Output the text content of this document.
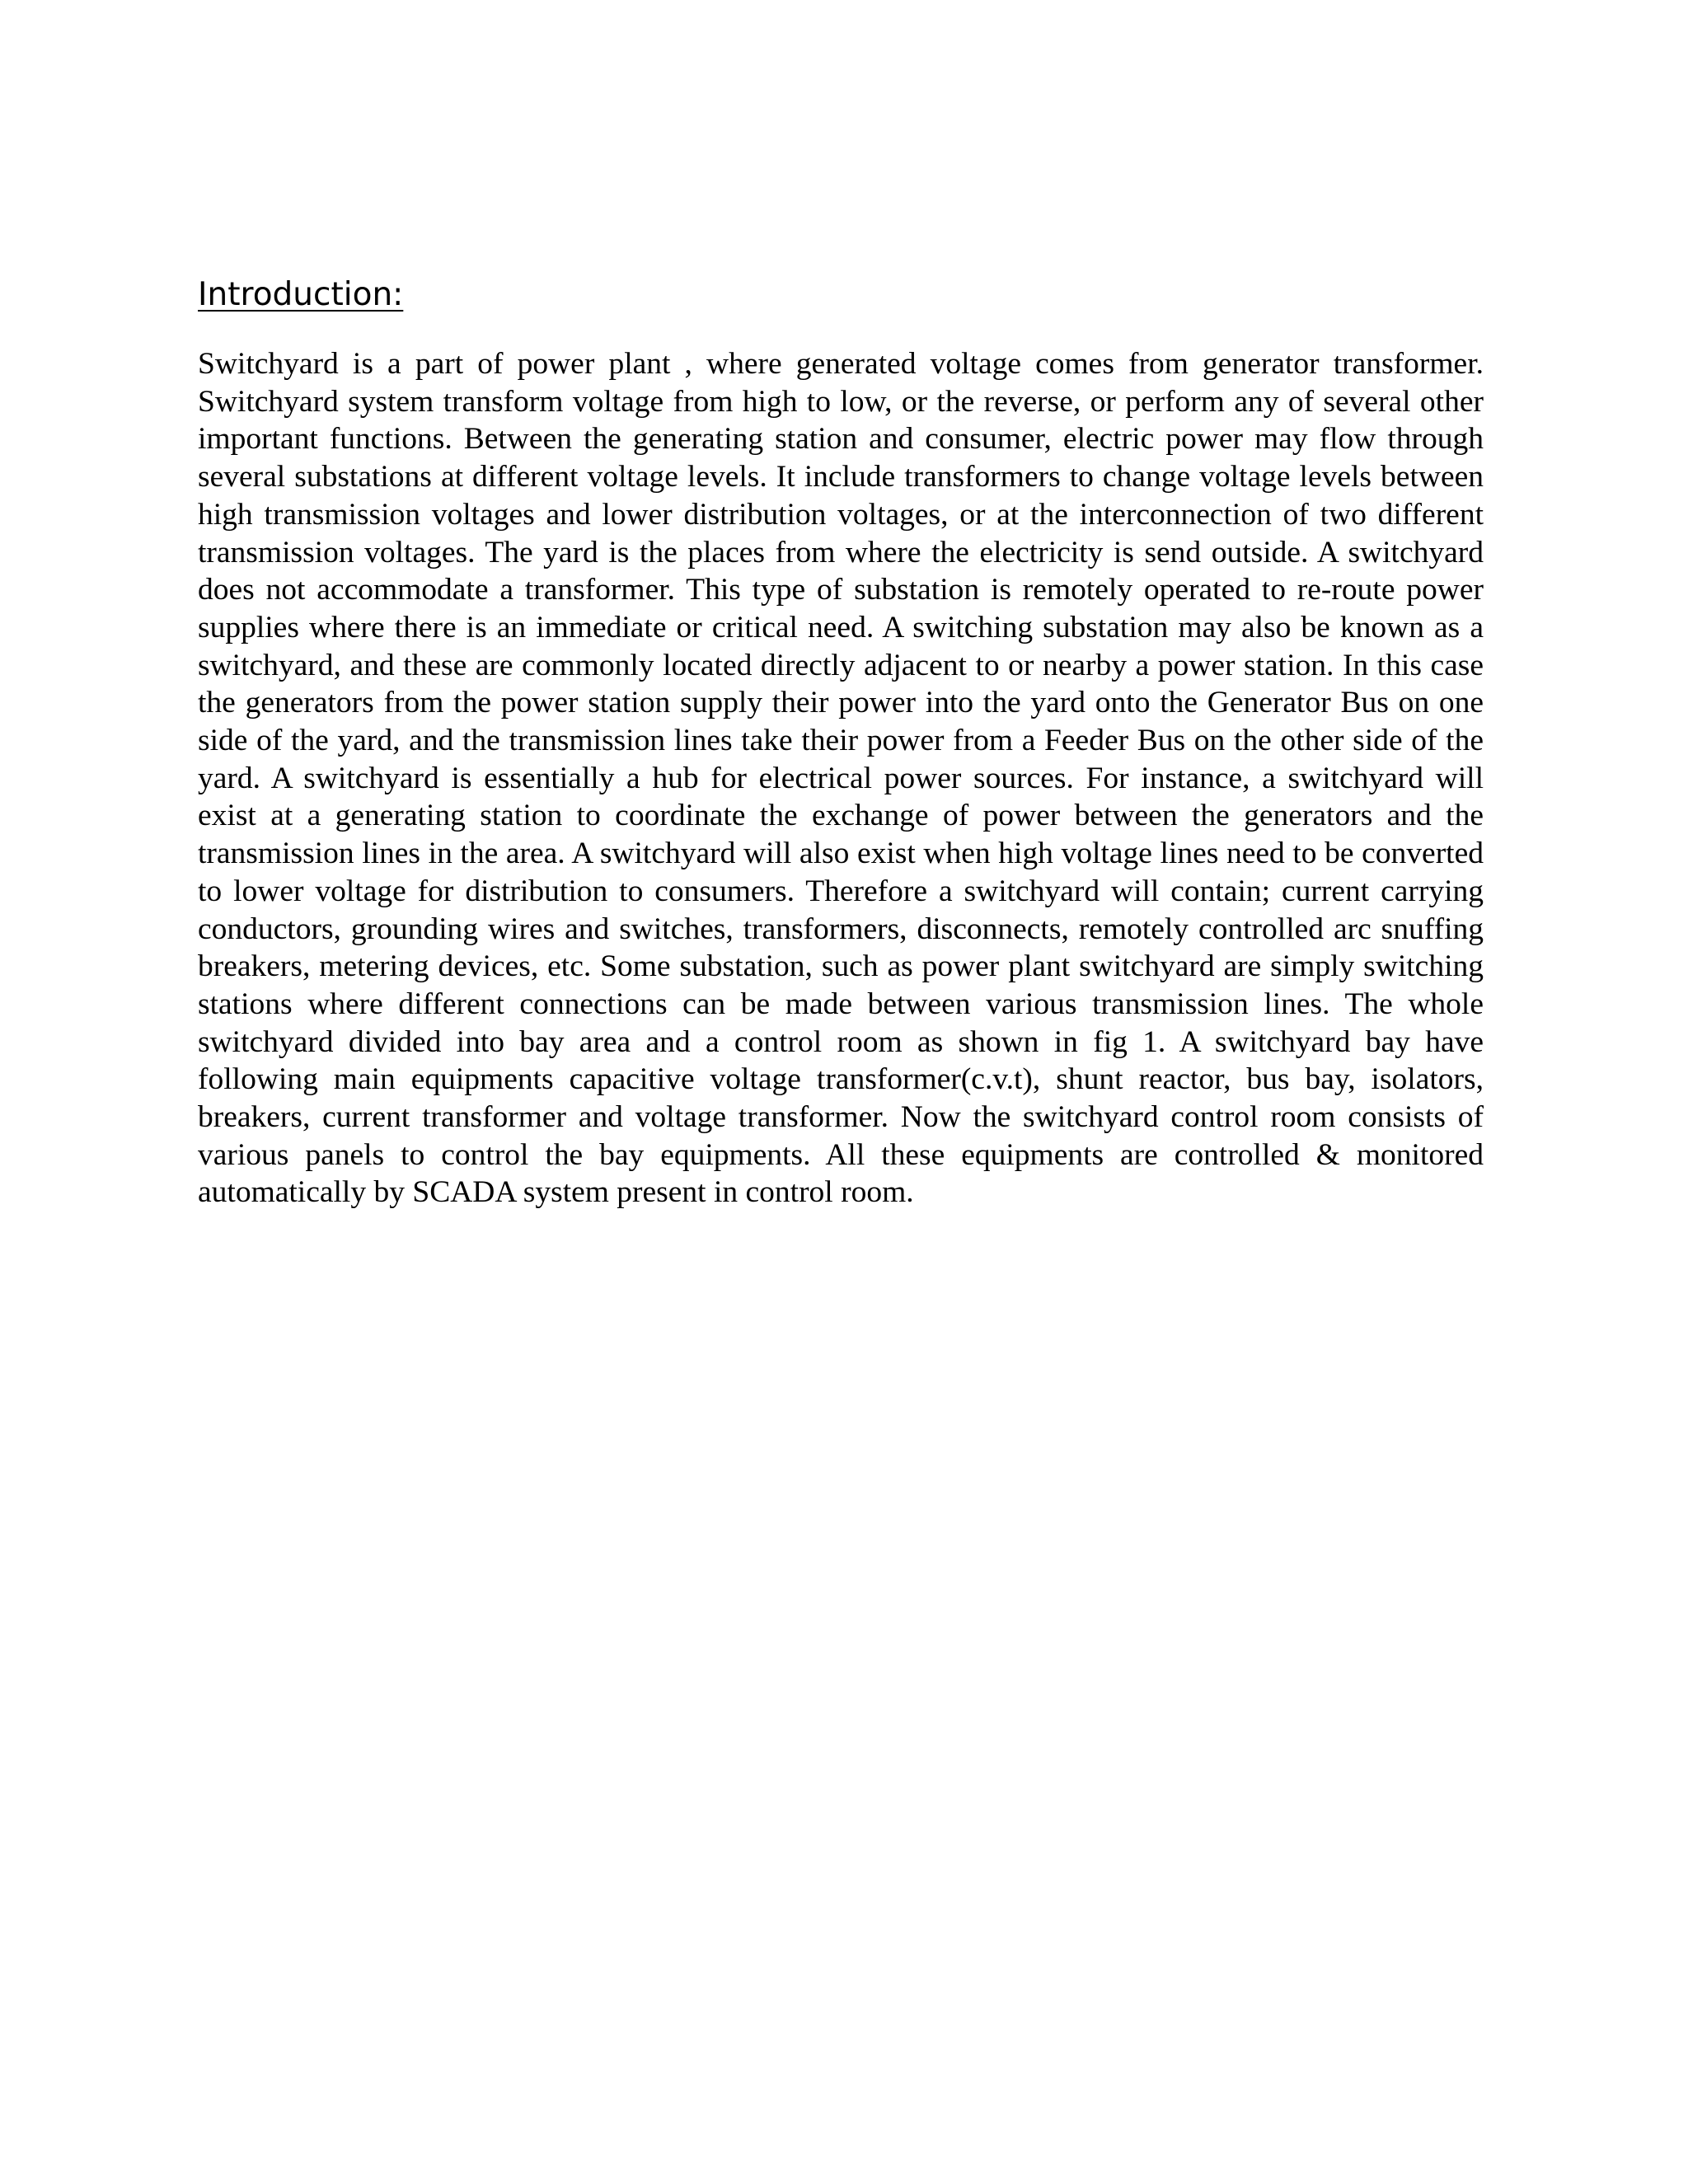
Introduction:

Switchyard is a part of power plant , where generated voltage comes from generator transformer. Switchyard system transform voltage from high to low, or the reverse, or perform any of several other important functions. Between the generating station and consumer, electric power may flow through several substations at different voltage levels. It include transformers to change voltage levels between high transmission voltages and lower distribution voltages, or at the interconnection of two different transmission voltages. The yard is the places from where the electricity is send outside. A switchyard does not accommodate a transformer. This type of substation is remotely operated to re-route power supplies where there is an immediate or critical need. A switching substation may also be known as a switchyard, and these are commonly located directly adjacent to or nearby a power station. In this case the generators from the power station supply their power into the yard onto the Generator Bus on one side of the yard, and the transmission lines take their power from a Feeder Bus on the other side of the yard. A switchyard is essentially a hub for electrical power sources. For instance, a switchyard will exist at a generating station to coordinate the exchange of power between the generators and the transmission lines in the area. A switchyard will also exist when high voltage lines need to be converted to lower voltage for distribution to consumers. Therefore a switchyard will contain; current carrying conductors, grounding wires and switches, transformers, disconnects, remotely controlled arc snuffing breakers, metering devices, etc. Some substation, such as power plant switchyard are simply switching stations where different connections can be made between various transmission lines. The whole switchyard divided into bay area and a control room as shown in fig 1. A switchyard bay have following main equipments capacitive voltage transformer(c.v.t), shunt reactor, bus bay, isolators, breakers, current transformer and voltage transformer. Now the switchyard control room consists of various panels to control the bay equipments. All these equipments are controlled & monitored automatically by SCADA system present in control room.
